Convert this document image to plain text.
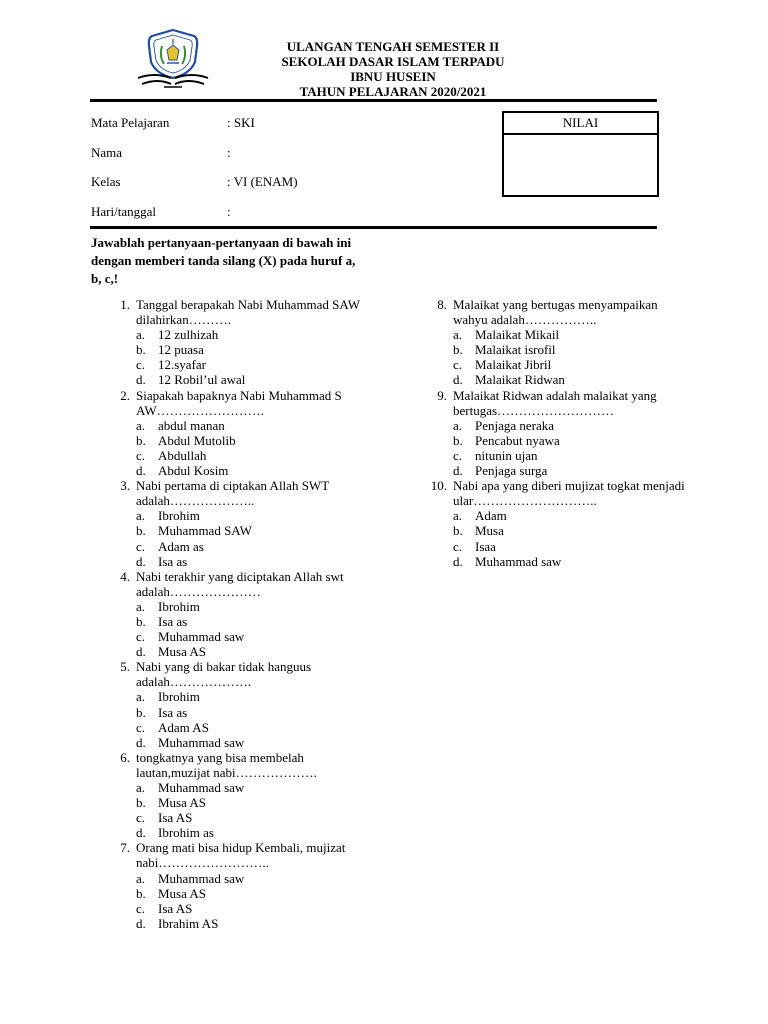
ULANGAN TENGAH SEMESTER II
SEKOLAH DASAR ISLAM TERPADU
IBNU HUSEIN
TAHUN PELAJARAN 2020/2021
Mata Pelajaran	: SKI
Nama	:
Kelas	: VI (ENAM)
Hari/tanggal	:
NILAI
Jawablah pertanyaan-pertanyaan di bawah ini dengan memberi tanda silang (X) pada huruf a, b, c,!
1. Tanggal berapakah Nabi Muhammad SAW dilahirkan……….
a. 12 zulhizah
b. 12 puasa
c. 12.syafar
d. 12 Robil’ul awal
2. Siapakah bapaknya Nabi Muhammad S AW…………………….
a. abdul manan
b. Abdul Mutolib
c. Abdullah
d. Abdul Kosim
3. Nabi pertama di ciptakan Allah SWT adalah………………..
a. Ibrohim
b. Muhammad SAW
c. Adam as
d. Isa as
4. Nabi terakhir yang diciptakan Allah swt adalah…………………
a. Ibrohim
b. Isa as
c. Muhammad saw
d. Musa AS
5. Nabi yang di bakar tidak hanguus adalah……………….
a. Ibrohim
b. Isa as
c. Adam AS
d. Muhammad saw
6. tongkatnya yang bisa membelah lautan,muzijat nabi……………….
a. Muhammad saw
b. Musa AS
c. Isa AS
d. Ibrohim as
7. Orang mati bisa hidup Kembali, mujizat nabi……………………..
a. Muhammad saw
b. Musa AS
c. Isa AS
d. Ibrahim AS
8. Malaikat yang bertugas menyampaikan wahyu adalah……………..
a. Malaikat Mikail
b. Malaikat isrofil
c. Malaikat Jibril
d. Malaikat Ridwan
9. Malaikat Ridwan adalah malaikat yang bertugas………………………
a. Penjaga neraka
b. Pencabut nyawa
c. nitunin ujan
d. Penjaga surga
10. Nabi apa yang diberi mujizat togkat menjadi ular………………………..
a. Adam
b. Musa
c. Isaa
d. Muhammad saw
